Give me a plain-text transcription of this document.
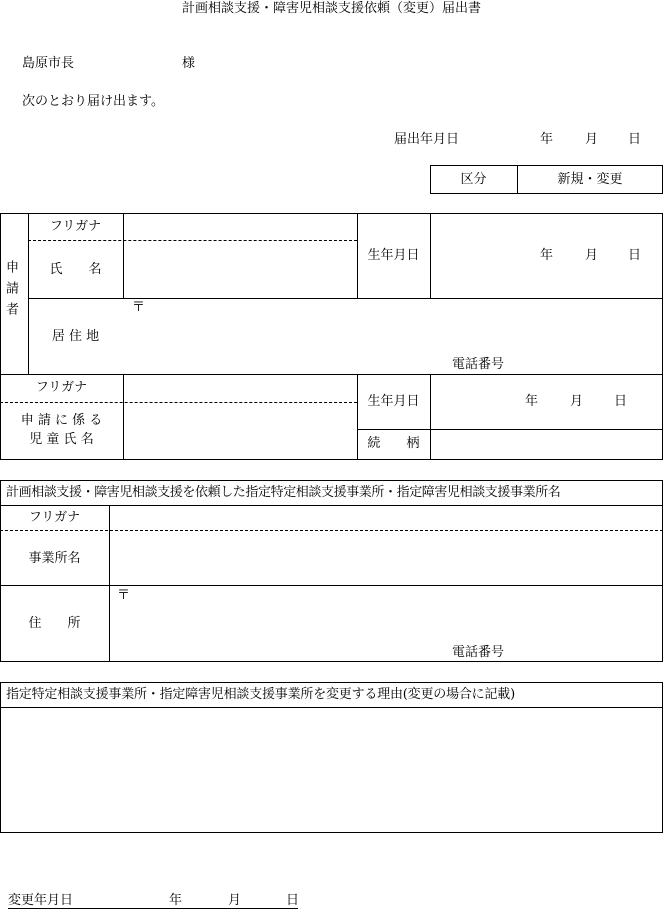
計画相談支援・障害児相談支援依頼（変更）届出書
島原市長	様
次のとおり届け出ます。
届出年月日	年 月 日
区分	新規・変更
申請者
フリガナ
氏　　名
生年月日	年 月 日
居 住 地
〒
電話番号
フリガナ
申 請 に 係 る
児 童 氏 名
生年月日	年 月 日
続　　柄
計画相談支援・障害児相談支援を依頼した指定特定相談支援事業所・指定障害児相談支援事業所名
フリガナ
事業所名
住　　所
〒
電話番号
指定特定相談支援事業所・指定障害児相談支援事業所を変更する理由(変更の場合に記載)
変更年月日	年	月	日
